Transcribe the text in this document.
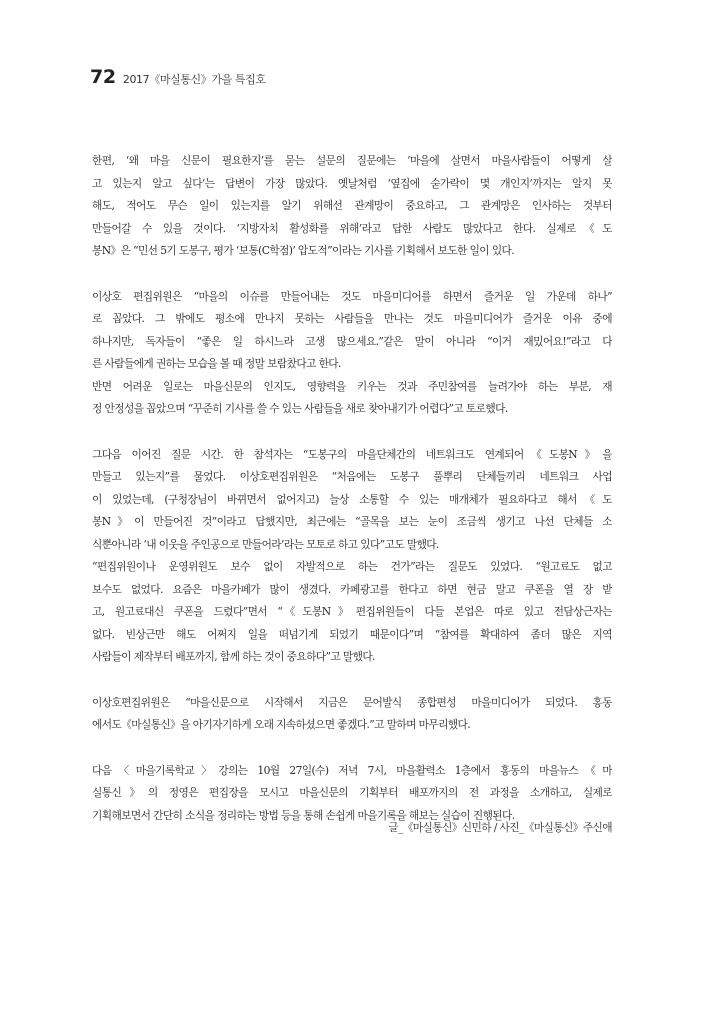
72 2017《마실통신》가을 특집호
한편, ‘왜 마을 신문이 필요한지’를 묻는 설문의 질문에는 ‘마을에 살면서 마을사람들이 어떻게 살
고 있는지 알고 싶다’는 답변이 가장 많았다. 옛날처럼 ‘옆집에 숟가락이 몇 개인지’까지는 알지 못
해도, 적어도 무슨 일이 있는지를 알기 위해선 관계망이 중요하고, 그 관계망은 인사하는 것부터
만들어갈 수 있을 것이다. ‘지방자치 활성화를 위해’라고 답한 사람도 많았다고 한다. 실제로《도
봉N》은 “민선 5기 도봉구, 평가 ‘보통(C학점)’ 압도적”이라는 기사를 기획해서 보도한 일이 있다.
이상호 편집위원은 “마을의 이슈를 만들어내는 것도 마을미디어를 하면서 즐거운 일 가운데 하나”
로 꼽았다. 그 밖에도 평소에 만나지 못하는 사람들을 만나는 것도 마을미디어가 즐거운 이유 중에
하나지만, 독자들이 “좋은 일 하시느라 고생 많으세요.”같은 말이 아니라 “이거 재밌어요!”라고 다
른 사람들에게 권하는 모습을 볼 때 정말 보람찼다고 한다.
반면 어려운 일로는 마을신문의 인지도, 영향력을 키우는 것과 주민참여를 늘려가야 하는 부분, 재
정 안정성을 꼽았으며 “꾸준히 기사를 쓸 수 있는 사람들을 새로 찾아내기가 어렵다”고 토로했다.
그다음 이어진 질문 시간. 한 참석자는 “도봉구의 마을단체간의 네트워크도 연계되어《도봉N》을
만들고 있는지”를 물었다. 이상호편집위원은 “처음에는 도봉구 풀뿌리 단체들끼리 네트워크 사업
이 있었는데, (구청장님이 바뀌면서 없어지고) 늘상 소통할 수 있는 매개체가 필요하다고 해서《도
봉N》이 만들어진 것”이라고 답했지만, 최근에는 “골목을 보는 눈이 조금씩 생기고 나선 단체들 소
식뿐아니라 ‘내 이웃을 주인공으로 만들어라’라는 모토로 하고 있다”고도 말했다.
“편집위원이나 운영위원도 보수 없이 자발적으로 하는 건가”라는 질문도 있었다. “원고료도 없고
보수도 없었다. 요즘은 마을카페가 많이 생겼다. 카페광고를 한다고 하면 현금 말고 쿠폰을 열 장 받
고, 원고료대신 쿠폰을 드렸다”면서 “《도봉N》편집위원들이 다들 본업은 따로 있고 전담상근자는
없다. 빈상근만 해도 어쩌지 일을 떠넘기게 되었기 때문이다”며 “참여를 확대하여 좀더 많은 지역
사람들이 제작부터 배포까지, 함께 하는 것이 중요하다”고 말했다.
이상호편집위원은 “마을신문으로 시작해서 지금은 문어발식 종합편성 마을미디어가 되었다. 홍동
에서도《마실통신》을 아기자기하게 오래 지속하셨으면 좋겠다.”고 말하며 마무리했다.
다음〈마을기록학교〉강의는 10월 27일(수) 저녁 7시, 마을활력소 1층에서 홍동의 마을뉴스《마
실통신》의 정영은 편집장을 모시고 마을신문의 기획부터 배포까지의 전 과정을 소개하고, 실제로
기획해보면서 간단히 소식을 정리하는 방법 등을 통해 손쉽게 마을기록을 해보는 실습이 진행된다.
글_《마실통신》신민하 / 사진_《마실통신》주신애
